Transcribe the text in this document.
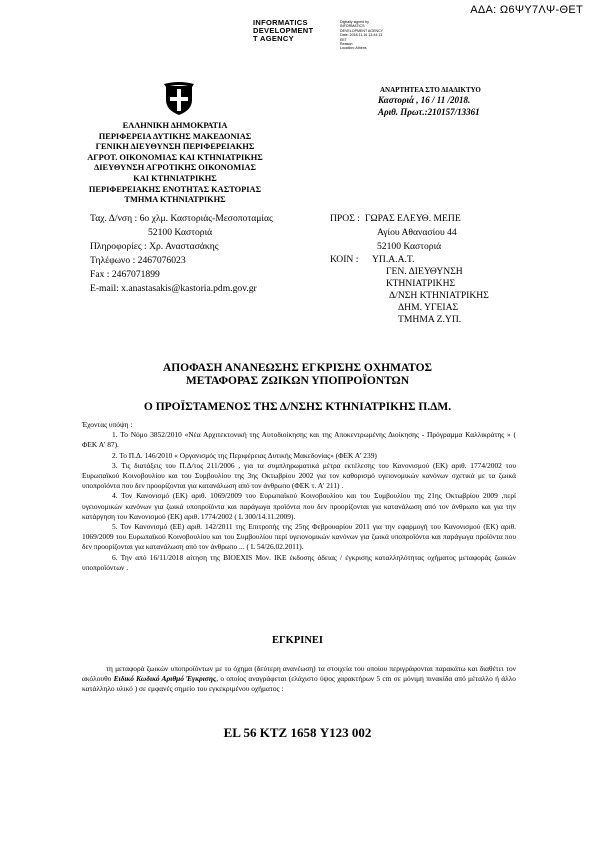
ΑΔΑ: Ω6ΨΥ7ΛΨ-ΘΕΤ
INFORMATICS
DEVELOPMENT
T AGENCY
Digitally signed by
INFORMATICS
DEVELOPMENT AGENCY
Date: 2018.11.16 13:44:13
EET
Reason:
Location: Athens
ΑΝΑΡΤΗΤΕΑ ΣΤΟ ΔΙΑΔΙΚΤΥΟ
Καστοριά , 16 / 11 /2018.
Αριθ. Πρωτ.:210157/13361
ΕΛΛΗΝΙΚΗ ΔΗΜΟΚΡΑΤΙΑ
ΠΕΡΙΦΕΡΕΙΑ ΔΥΤΙΚΗΣ ΜΑΚΕΔΟΝΙΑΣ
ΓΕΝΙΚΗ ΔΙΕΥΘΥΝΣΗ ΠΕΡΙΦΕΡΕΙΑΚΗΣ
ΑΓΡΟΤ. ΟΙΚΟΝΟΜΙΑΣ ΚΑΙ ΚΤΗΝΙΑΤΡΙΚΗΣ
ΔΙΕΥΘΥΝΣΗ ΑΓΡΟΤΙΚΗΣ ΟΙΚΟΝΟΜΙΑΣ
ΚΑΙ ΚΤΗΝΙΑΤΡΙΚΗΣ
ΠΕΡΙΦΕΡΕΙΑΚΗΣ ΕΝΟΤΗΤΑΣ ΚΑΣΤΟΡΙΑΣ
ΤΜΗΜΑ ΚΤΗΝΙΑΤΡΙΚΗΣ
Ταχ. Δ/νση : 6ο χλμ. Καστοριάς-Μεσοποταμίας
52100 Καστοριά
Πληροφορίες : Χρ. Αναστασάκης
Τηλέφωνο : 2467076023
Fax : 2467071899
E-mail: x.anastasakis@kastoria.pdm.gov.gr
ΠΡΟΣ : ΓΩΡΑΣ ΕΛΕΥΘ. ΜΕΠΕ
Αγίου Αθανασίου 44
52100 Καστοριά
ΚΟΙΝ : ΥΠ.Α.Α.Τ.
ΓΕΝ. ΔΙΕΥΘΥΝΣΗ
ΚΤΗΝΙΑΤΡΙΚΗΣ
Δ/ΝΣΗ ΚΤΗΝΙΑΤΡΙΚΗΣ
ΔΗΜ. ΥΓΕΙΑΣ
ΤΜΗΜΑ Ζ.ΥΠ.
ΑΠΟΦΑΣΗ ΑΝΑΝΕΩΣΗΣ ΕΓΚΡΙΣΗΣ ΟΧΗΜΑΤΟΣ
ΜΕΤΑΦΟΡΑΣ ΖΩΙΚΩΝ ΥΠΟΠΡΟΪΟΝΤΩΝ
Ο ΠΡΟΪΣΤΑΜΕΝΟΣ ΤΗΣ Δ/ΝΣΗΣ ΚΤΗΝΙΑΤΡΙΚΗΣ Π.ΔΜ.

Έχοντας υπόψη :

1. Το Νόμο 3852/2010 «Νέα Αρχιτεκτονική της Αυτοδιοίκησης και της Αποκεντρωμένης Διοίκησης - Πρόγραμμα Καλλικράτης » ( ΦΕΚ Α' 87).

2. Το Π.Δ. 146/2010 « Οργανισμός της Περιφέρειας Δυτικής Μακεδονίας» (ΦΕΚ Α' 239)

3. Τις διατάξεις του Π.Δ/τος 211/2006 , για τα συμπληρωματικά μέτρα εκτέλεσης του Κανονισμού (ΕΚ) αριθ. 1774/2002 του Ευρωπαϊκού Κοινοβουλίου και του Συμβουλίου της 3ης Οκτωβρίου 2002 για τον καθορισμό υγειονομικών κανόνων σχετικά με τα ζωικά υποπροϊόντα που δεν προορίζονται για κατανάλωση από τον άνθρωπο (ΦΕΚ τ. Α' 211) .

4. Τον Κανονισμό (ΕΚ) αριθ. 1069/2009 του Ευρωπαϊκού Κοινοβουλίου και του Συμβουλίου της 21ης Οκτωβρίου 2009 ,περί υγειονομικών κανόνων για ζωικά υποπροϊόντα και παράγωγα προϊόντα που δεν προορίζονται για κατανάλωση από τον άνθρωπο και για την κατάργηση του Κανονισμού (ΕΚ) αριθ. 1774/2002 ( L 300/14.11.2009).

5. Τον Κανονισμό (ΕΕ) αριθ. 142/2011 της Επιτροπής της 25ης Φεβρουαρίου 2011 για την εφαρμογή του Κανονισμού (ΕΚ) αριθ. 1069/2009 του Ευρωπαϊκού Κοινοβουλίου και του Συμβουλίου περί υγειονομικών κανόνων για ζωικά υποπροϊόντα και παράγωγα προϊόντα που δεν προορίζονται για κατανάλωση από τον άνθρωπο ... ( L 54/26.02.2011).

6. Την από 16/11/2018 αίτηση της BIOEXIS Μον. ΙΚΕ έκδοσης άδειας / έγκρισης καταλληλότητας οχήματος μεταφοράς ζωικών υποπροϊόντων .

ΕΓΚΡΙΝΕΙ

τη μεταφορά ζωικών υποπροϊόντων με το όχημα (δεύτερη ανανέωση) τα στοιχεία του οποίου περιγράφονται παρακάτω και διαθέτει τον ακόλουθο Ειδικό Κωδικό Αριθμό Έγκρισης, ο οποίος αναγράφεται (ελάχιστο ύψος χαρακτήρων 5 cm σε μόνιμη πινακίδα από μέταλλο ή άλλο κατάλληλο υλικό ) σε εμφανές σημείο του εγκεκριμένου οχήματος :

EL 56 KTZ 1658 Υ123 002
